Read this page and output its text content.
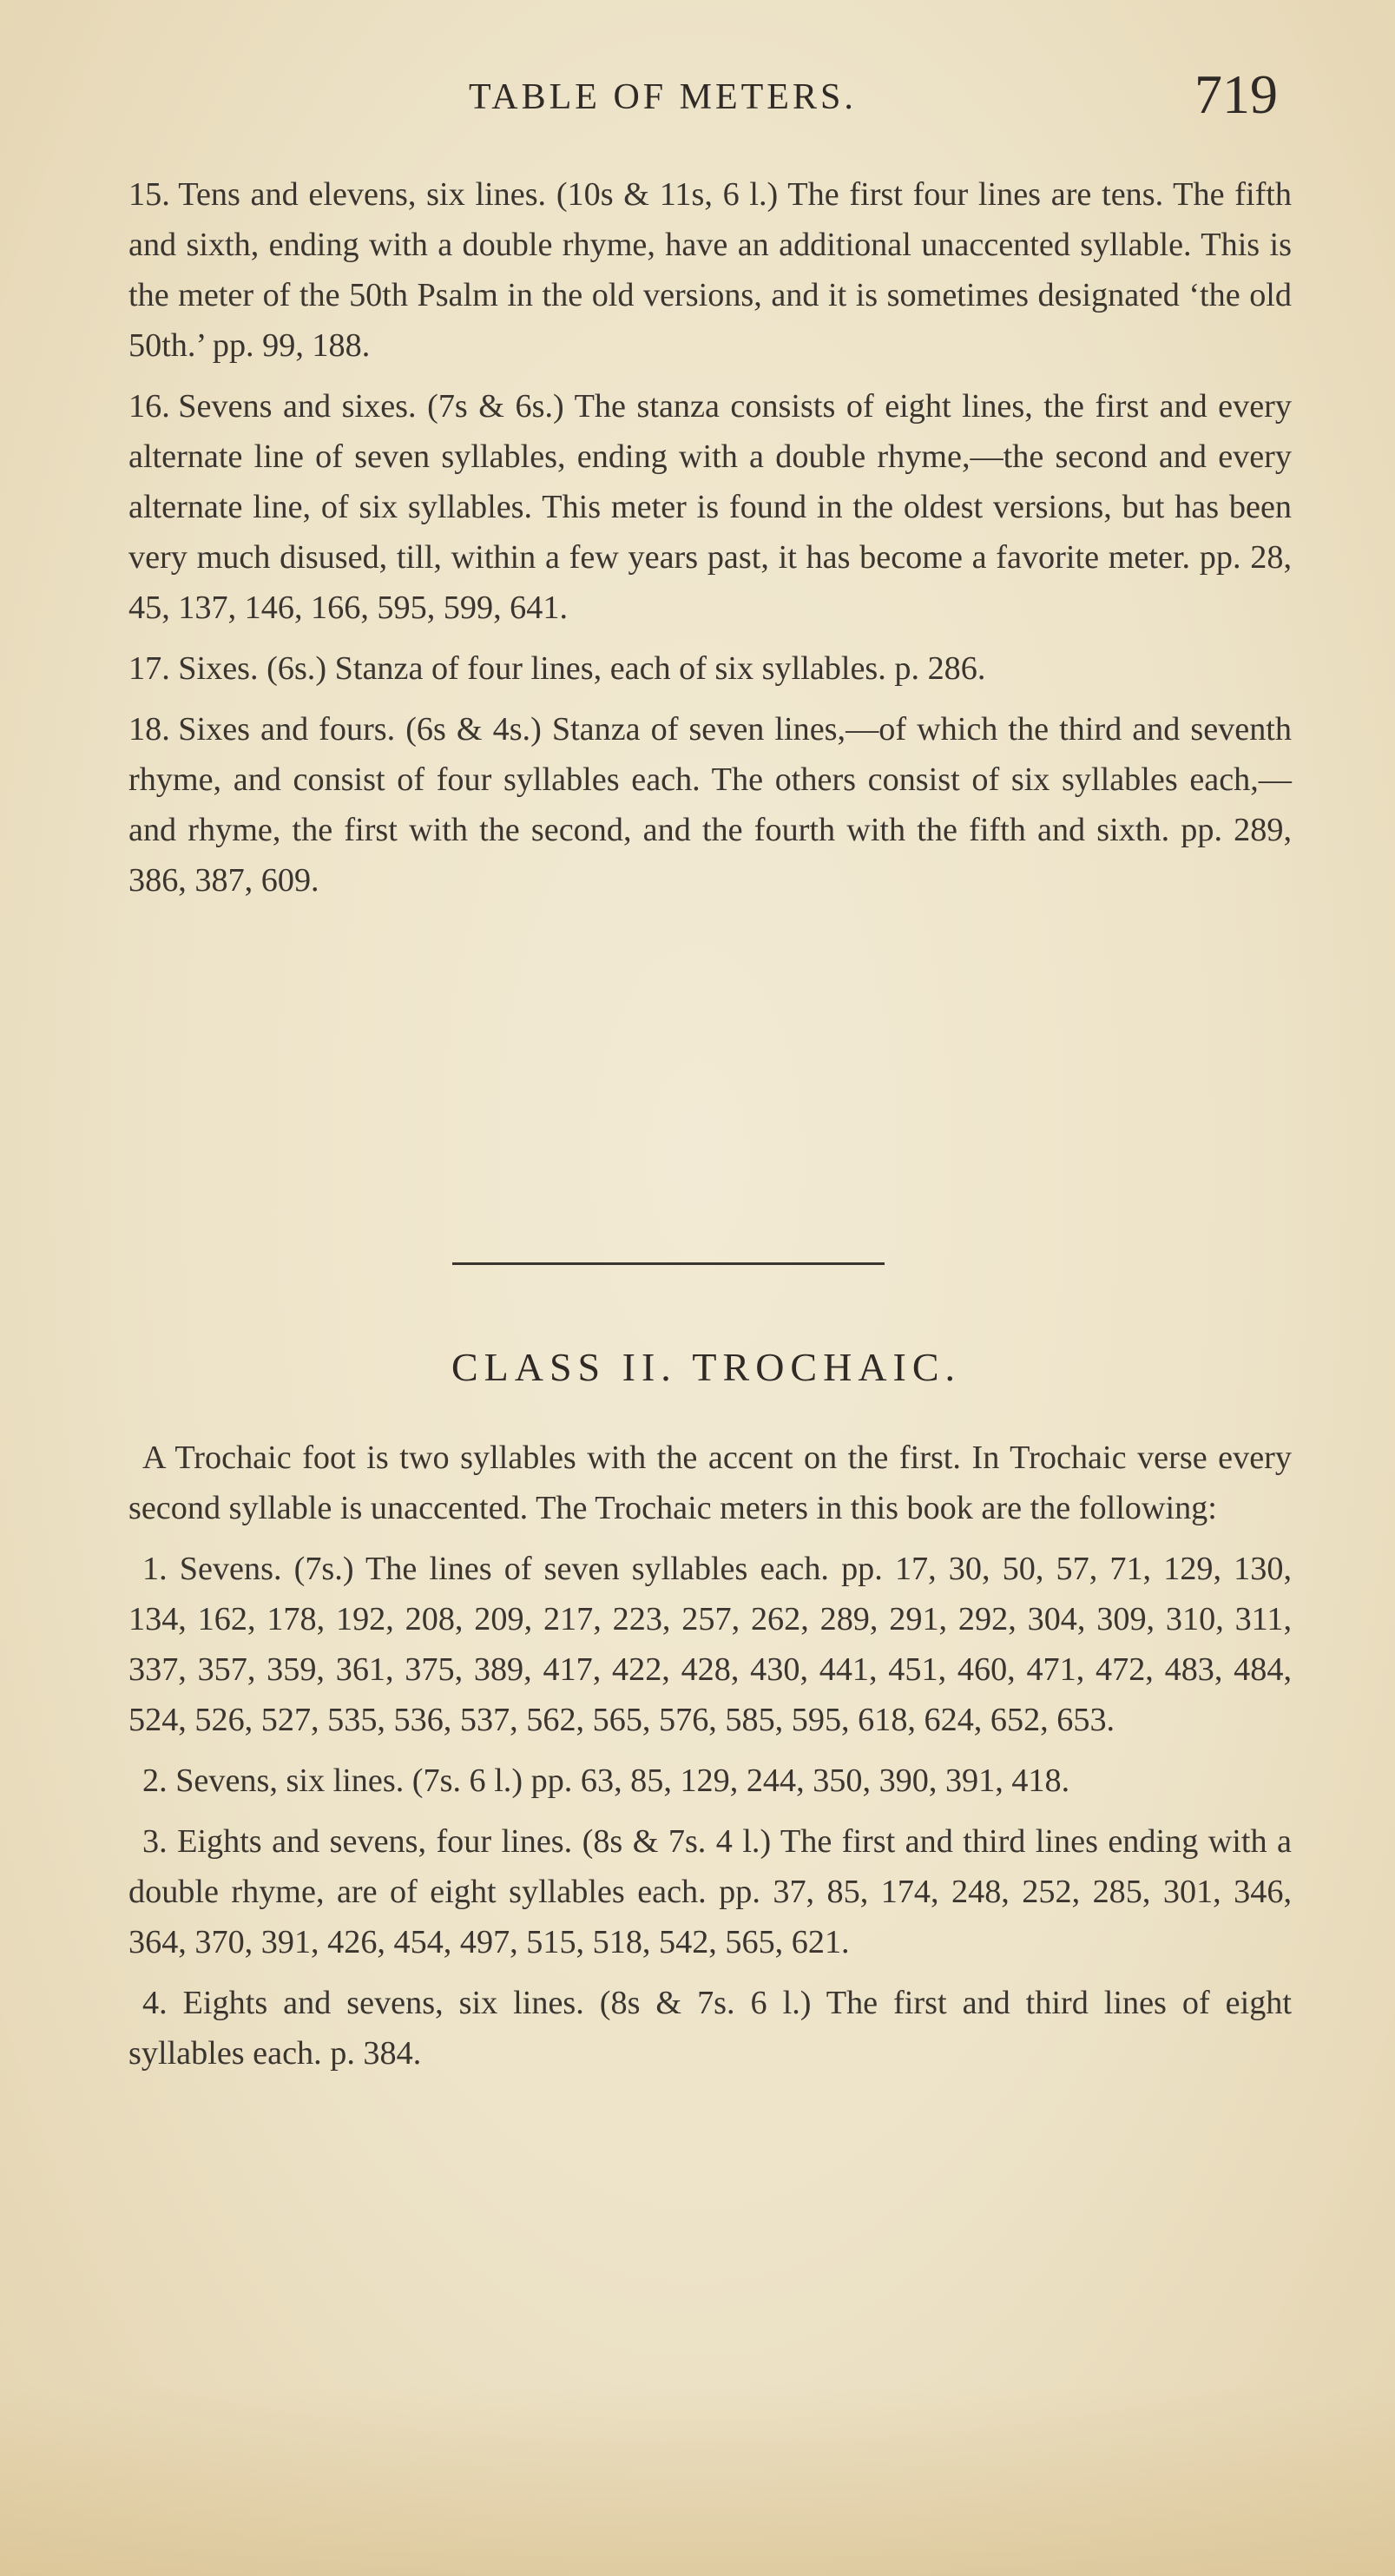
TABLE OF METERS.	719

15. Tens and elevens, six lines. (10s & 11s, 6 l.) The first four lines are tens. The fifth and sixth, ending with a double rhyme, have an additional unaccented syllable. This is the meter of the 50th Psalm in the old versions, and it is sometimes designated ‘the old 50th.’ pp. 99, 188.

16. Sevens and sixes. (7s & 6s.) The stanza consists of eight lines, the first and every alternate line of seven syllables, ending with a double rhyme,—the second and every alternate line, of six syllables. This meter is found in the oldest versions, but has been very much disused, till, within a few years past, it has become a favorite meter. pp. 28, 45, 137, 146, 166, 595, 599, 641.

17. Sixes. (6s.) Stanza of four lines, each of six syllables. p. 286.

18. Sixes and fours. (6s & 4s.) Stanza of seven lines,—of which the third and seventh rhyme, and consist of four syllables each. The others consist of six syllables each,—and rhyme, the first with the second, and the fourth with the fifth and sixth. pp. 289, 386, 387, 609.

CLASS II. TROCHAIC.

A Trochaic foot is two syllables with the accent on the first. In Trochaic verse every second syllable is unaccented. The Trochaic meters in this book are the following:

1. Sevens. (7s.) The lines of seven syllables each. pp. 17, 30, 50, 57, 71, 129, 130, 134, 162, 178, 192, 208, 209, 217, 223, 257, 262, 289, 291, 292, 304, 309, 310, 311, 337, 357, 359, 361, 375, 389, 417, 422, 428, 430, 441, 451, 460, 471, 472, 483, 484, 524, 526, 527, 535, 536, 537, 562, 565, 576, 585, 595, 618, 624, 652, 653.

2. Sevens, six lines. (7s. 6 l.) pp. 63, 85, 129, 244, 350, 390, 391, 418.

3. Eights and sevens, four lines. (8s & 7s. 4 l.) The first and third lines ending with a double rhyme, are of eight syllables each. pp. 37, 85, 174, 248, 252, 285, 301, 346, 364, 370, 391, 426, 454, 497, 515, 518, 542, 565, 621.

4. Eights and sevens, six lines. (8s & 7s. 6 l.) The first and third lines of eight syllables each. p. 384.
